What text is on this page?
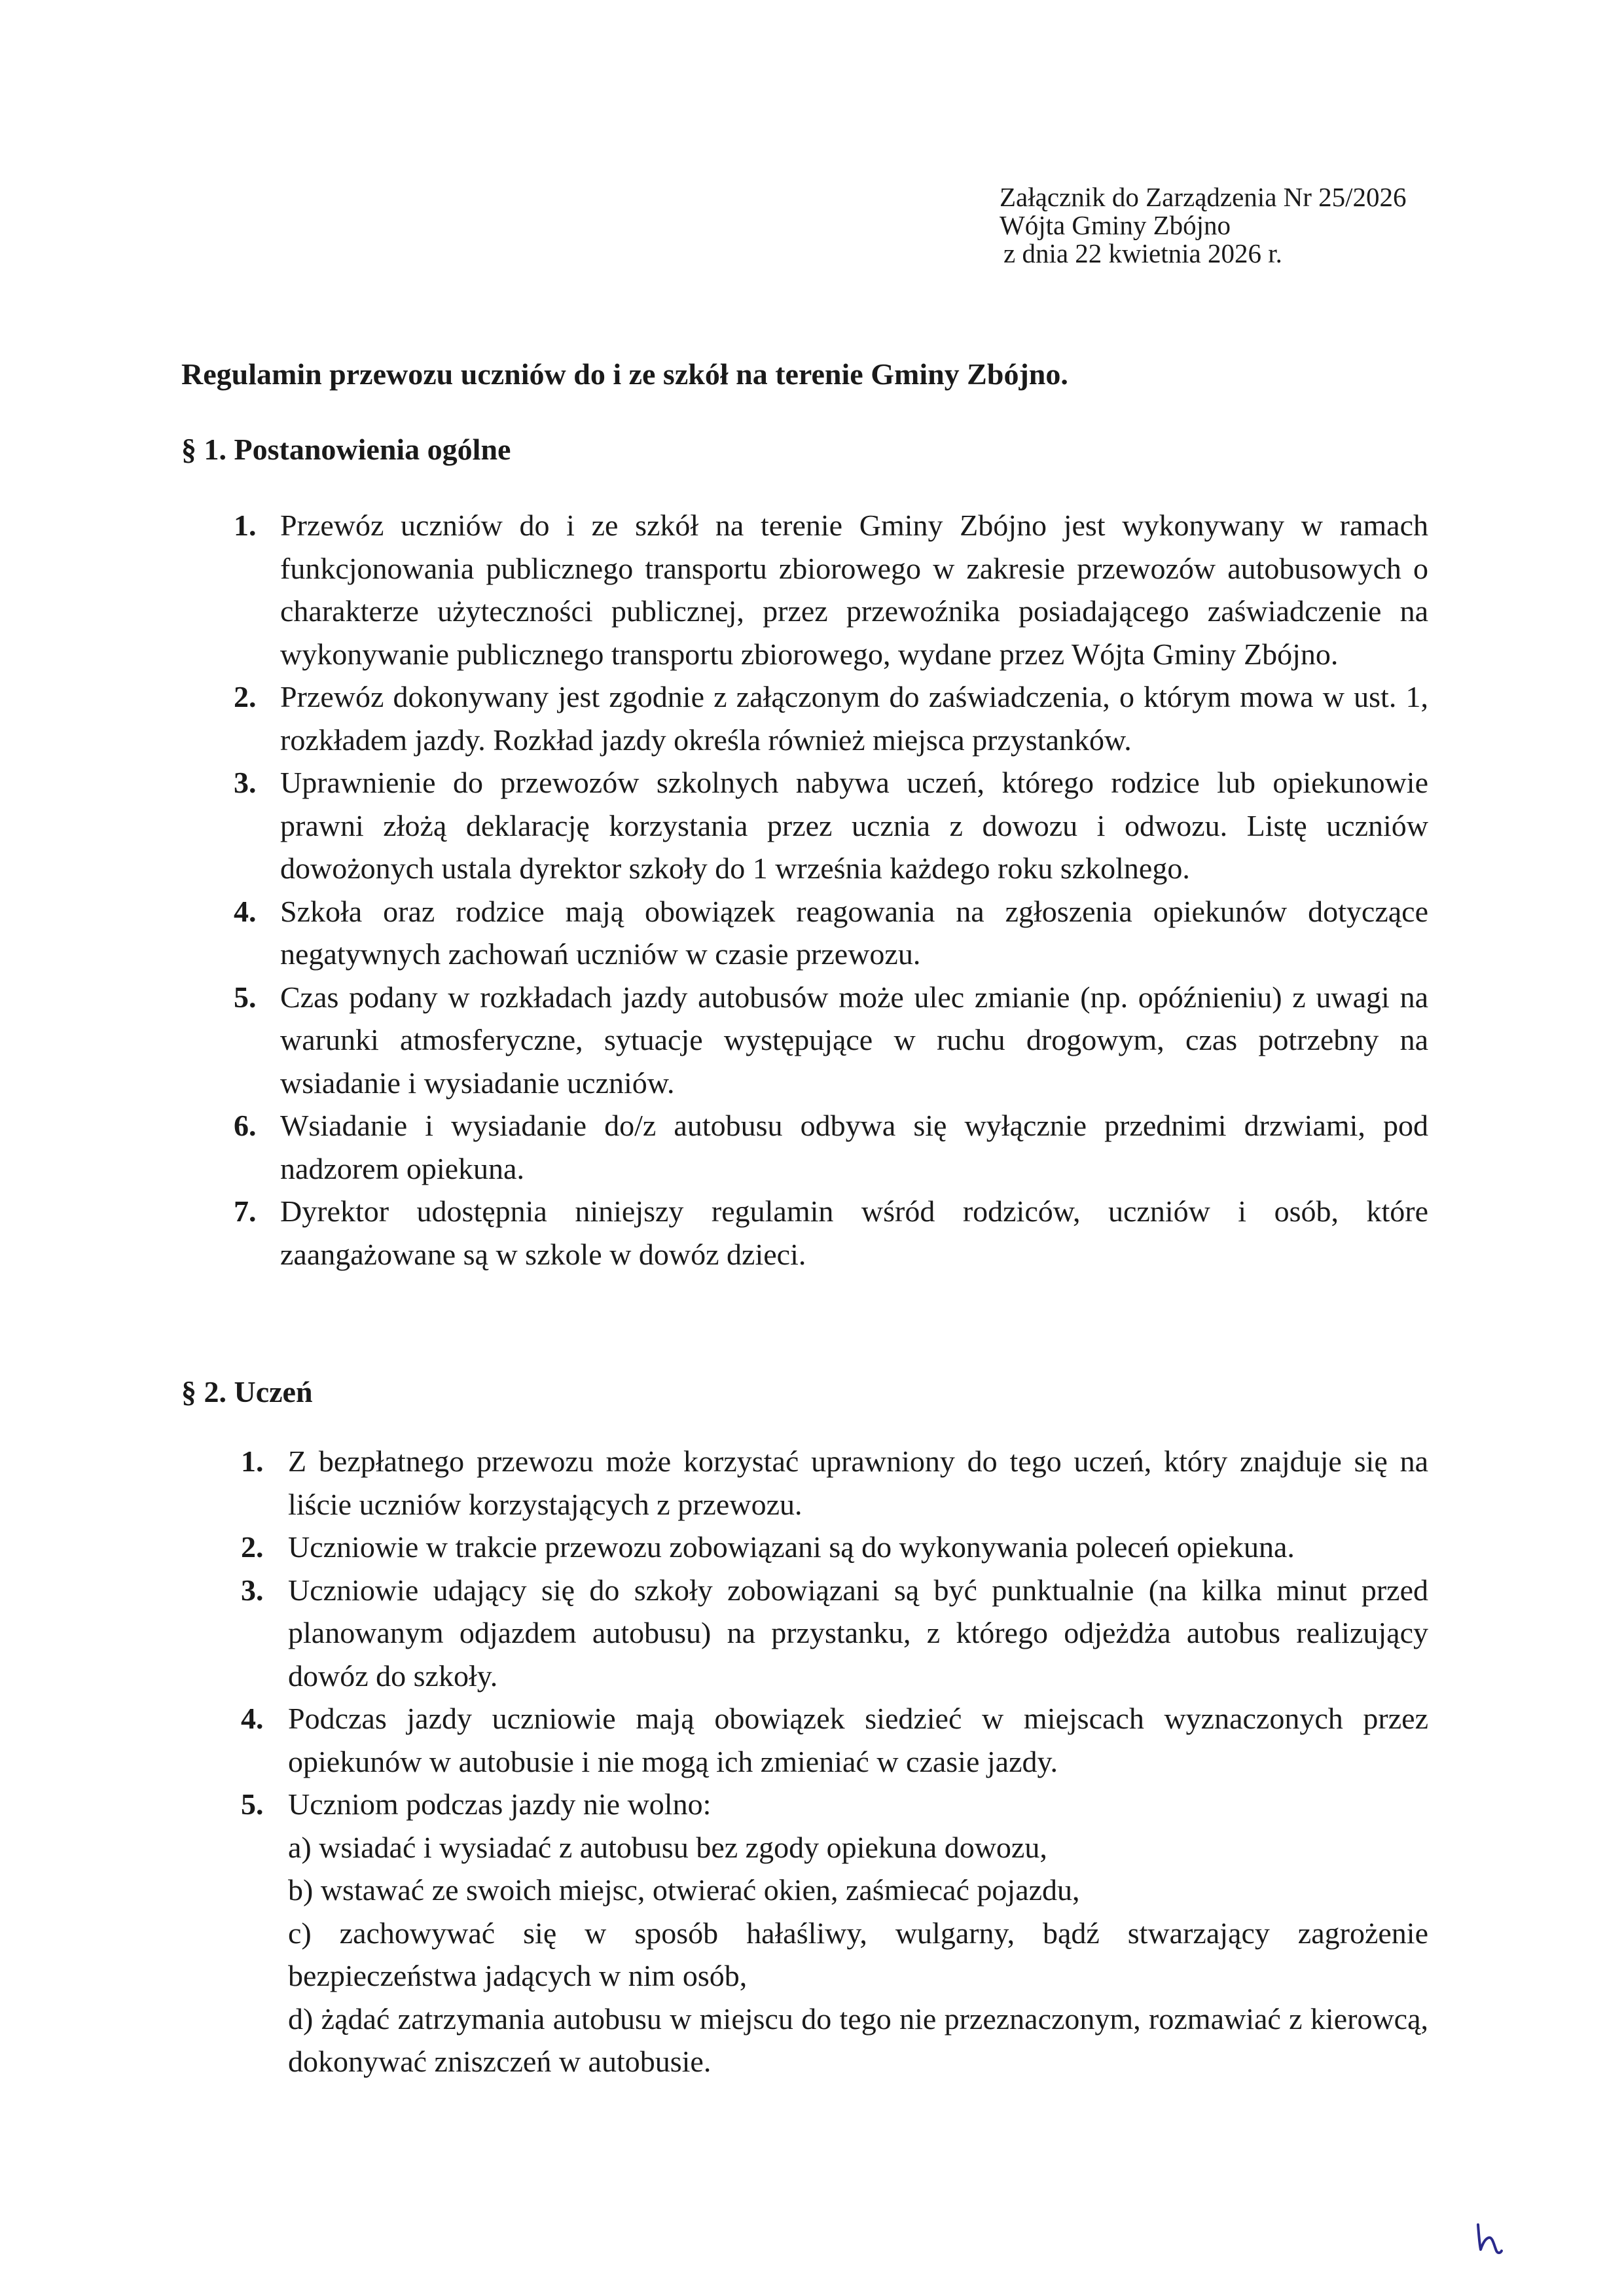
Załącznik do Zarządzenia Nr 25/2026
Wójta Gminy Zbójno
z dnia 22 kwietnia 2026 r.
Regulamin przewozu uczniów do i ze szkół na terenie Gminy Zbójno.
§ 1. Postanowienia ogólne
1. Przewóz uczniów do i ze szkół na terenie Gminy Zbójno jest wykonywany w ramach funkcjonowania publicznego transportu zbiorowego w zakresie przewozów autobusowych o charakterze użyteczności publicznej, przez przewoźnika posiadającego zaświadczenie na wykonywanie publicznego transportu zbiorowego, wydane przez Wójta Gminy Zbójno.
2. Przewóz dokonywany jest zgodnie z załączonym do zaświadczenia, o którym mowa w ust. 1, rozkładem jazdy. Rozkład jazdy określa również miejsca przystanków.
3. Uprawnienie do przewozów szkolnych nabywa uczeń, którego rodzice lub opiekunowie prawni złożą deklarację korzystania przez ucznia z dowozu i odwozu. Listę uczniów dowożonych ustala dyrektor szkoły do 1 września każdego roku szkolnego.
4. Szkoła oraz rodzice mają obowiązek reagowania na zgłoszenia opiekunów dotyczące negatywnych zachowań uczniów w czasie przewozu.
5. Czas podany w rozkładach jazdy autobusów może ulec zmianie (np. opóźnieniu) z uwagi na warunki atmosferyczne, sytuacje występujące w ruchu drogowym, czas potrzebny na wsiadanie i wysiadanie uczniów.
6. Wsiadanie i wysiadanie do/z autobusu odbywa się wyłącznie przednimi drzwiami, pod nadzorem opiekuna.
7. Dyrektor udostępnia niniejszy regulamin wśród rodziców, uczniów i osób, które zaangażowane są w szkole w dowóz dzieci.
§ 2. Uczeń
1. Z bezpłatnego przewozu może korzystać uprawniony do tego uczeń, który znajduje się na liście uczniów korzystających z przewozu.
2. Uczniowie w trakcie przewozu zobowiązani są do wykonywania poleceń opiekuna.
3. Uczniowie udający się do szkoły zobowiązani są być punktualnie (na kilka minut przed planowanym odjazdem autobusu) na przystanku, z którego odjeżdża autobus realizujący dowóz do szkoły.
4. Podczas jazdy uczniowie mają obowiązek siedzieć w miejscach wyznaczonych przez opiekunów w autobusie i nie mogą ich zmieniać w czasie jazdy.
5. Uczniom podczas jazdy nie wolno:

a) wsiadać i wysiadać z autobusu bez zgody opiekuna dowozu,
b) wstawać ze swoich miejsc, otwierać okien, zaśmiecać pojazdu,
c) zachowywać się w sposób hałaśliwy, wulgarny, bądź stwarzający zagrożenie bezpieczeństwa jadących w nim osób,
d) żądać zatrzymania autobusu w miejscu do tego nie przeznaczonym, rozmawiać z kierowcą, dokonywać zniszczeń w autobusie.
